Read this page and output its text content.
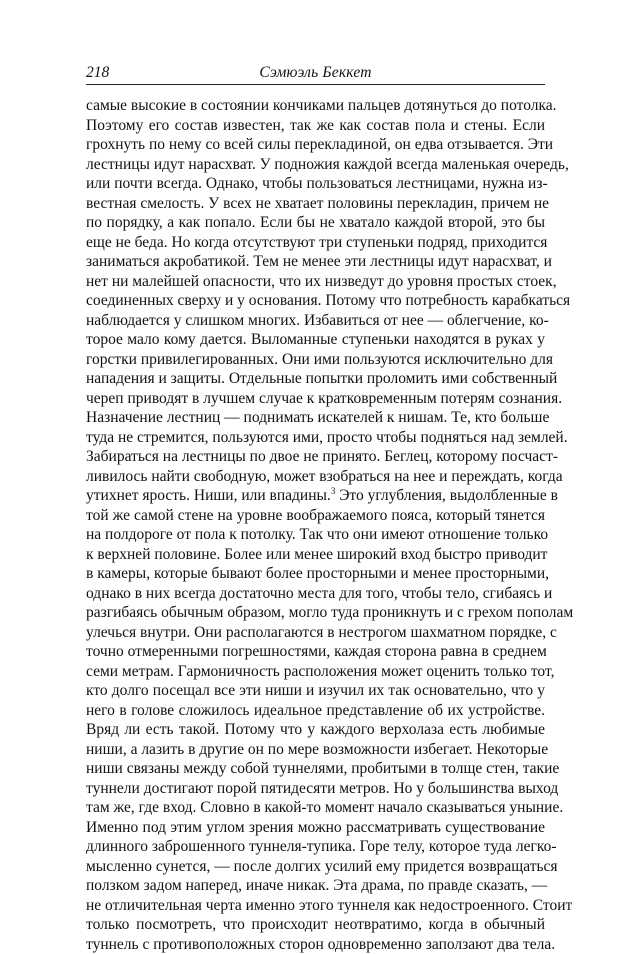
218	Сэмюэль Беккет
самые высокие в состоянии кончиками пальцев дотянуться до потолка.
Поэтому его состав известен, так же как состав пола и стены. Если
грохнуть по нему со всей силы перекладиной, он едва отзывается. Эти
лестницы идут нарасхват. У подножия каждой всегда маленькая очередь,
или почти всегда. Однако, чтобы пользоваться лестницами, нужна из-
вестная смелость. У всех не хватает половины перекладин, причем не
по порядку, а как попало. Если бы не хватало каждой второй, это бы
еще не беда. Но когда отсутствуют три ступеньки подряд, приходится
заниматься акробатикой. Тем не менее эти лестницы идут нарасхват, и
нет ни малейшей опасности, что их низведут до уровня простых стоек,
соединенных сверху и у основания. Потому что потребность карабкаться
наблюдается у слишком многих. Избавиться от нее — облегчение, ко-
торое мало кому дается. Выломанные ступеньки находятся в руках у
горстки привилегированных. Они ими пользуются исключительно для
нападения и защиты. Отдельные попытки проломить ими собственный
череп приводят в лучшем случае к кратковременным потерям сознания.
Назначение лестниц — поднимать искателей к нишам. Те, кто больше
туда не стремится, пользуются ими, просто чтобы подняться над землей.
Забираться на лестницы по двое не принято. Беглец, которому посчаст-
ливилось найти свободную, может взобраться на нее и переждать, когда
утихнет ярость. Ниши, или впадины.$^3$ Это углубления, выдолбленные в
той же самой стене на уровне воображаемого пояса, который тянется
на полдороге от пола к потолку. Так что они имеют отношение только
к верхней половине. Более или менее широкий вход быстро приводит
в камеры, которые бывают более просторными и менее просторными,
однако в них всегда достаточно места для того, чтобы тело, сгибаясь и
разгибаясь обычным образом, могло туда проникнуть и с грехом пополам
улечься внутри. Они располагаются в нестрогом шахматном порядке, с
точно отмеренными погрешностями, каждая сторона равна в среднем
семи метрам. Гармоничность расположения может оценить только тот,
кто долго посещал все эти ниши и изучил их так основательно, что у
него в голове сложилось идеальное представление об их устройстве.
Вряд ли есть такой. Потому что у каждого верхолаза есть любимые
ниши, а лазить в другие он по мере возможности избегает. Некоторые
ниши связаны между собой туннелями, пробитыми в толще стен, такие
туннели достигают порой пятидесяти метров. Но у большинства выход
там же, где вход. Словно в какой-то момент начало сказываться уныние.
Именно под этим углом зрения можно рассматривать существование
длинного заброшенного туннеля-тупика. Горе телу, которое туда легко-
мысленно сунется, — после долгих усилий ему придется возвращаться
ползком задом наперед, иначе никак. Эта драма, по правде сказать, —
не отличительная черта именно этого туннеля как недостроенного. Стоит
только посмотреть, что происходит неотвратимо, когда в обычный
туннель с противоположных сторон одновременно заползают два тела.
